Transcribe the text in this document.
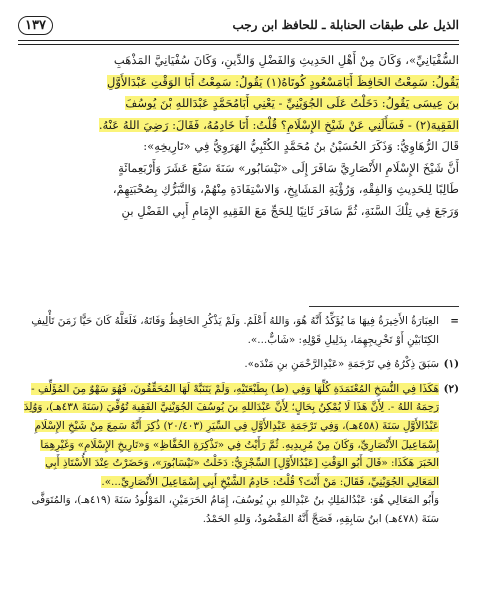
الذيل على طبقات الحنابلة ـ للحافظ ابن رجب
١٣٧
السُّفْيَانِيِّ»، وَكَانَ مِنْ أَهْلِ الحَدِيثِ وَالفَضْلِ وَالدِّينِ، وَكَانَ سُفْيَانِيَّ المَذْهَبِ
يَقُولُ: سَمِعْتُ الحَافِظَ أَبَامَسْعُودٍ كُوتَاهُ(١) يَقُولُ: سَمِعْتُ أَبَا الوَقْتِ عَبْدَالأَوَّلِ
بنَ عِيسَى يَقُولُ: دَخَلْتُ عَلَى الجُوَيْنِيِّ - يَعْنِي أَبَامُحَمَّدٍ عَبْدَاللهِ بْنَ يُوسُفَ
الفَقِيهَ(٢) - فَسَأَلَنِي عَنْ شَيْخِ الإِسْلَامِ؟ قُلْتُ: أَنَا خَادِمُهُ، فَقَالَ: رَضِيَ اللهُ عَنْهُ.
قَالَ الرُّهَاوِيُّ: وَذَكَرَ الحُسَيْنُ بنُ مُحَمَّدٍ الكُتْبِيُّ الهَرَوِيُّ فِي «تَارِيخِهِ»:
أَنَّ شَيْخَ الإِسْلَامِ الأَنْصَارِيَّ سَافَرَ إِلَى «نَيْسَابُور» سَنَةَ سَبْعَ عَشَرَ وَأَرْبَعِمائَةٍ
طَالِبًا لِلحَدِيثِ وَالفِقْهِ، وَرُؤْيَةِ المَشَايِخِ، وَالاسْتِفَادَةِ مِنْهُمْ، وَالتَّبَرُّكِ بِصُحْبَتِهِمْ،
وَرَجَعَ فِي تِلْكَ السَّنَةِ، ثُمَّ سَافَرَ ثَانِيًا لِلحَجِّ مَعَ الفَقِيهِ الإِمَامِ أَبِي الفَضْلِ بنِ
=

العِبَارَةُ الأَخِيرَةُ فِيهَا مَا يُؤَكِّدُ أَنَّهُ هُوَ، وَاللهُ أَعْلَمُ. وَلَمْ يَذْكُرِ الحَافِظُ وَفَاتَهُ، فَلَعَلَّهُ كَانَ حَيًّا زَمَنَ تَأْلِيفِ الكِتَابَيْنِ أَوْ تَخْرِيجِهِمَا، بِدَلِيلِ قَوْلِهِ: «شَابٌّ...».

(١)

سَبَقَ ذِكْرُهُ فِي تَرْجَمَةِ «عَبْدِالرَّحْمَنِ بنِ مَنْدَه».

(٢)

هَكَذَا فِي النُّسَخِ المُعْتَمَدَةِ كُلِّهَا وَفِي (ط) بِطَبْعَتَيْهِ، وَلَمْ يَتَنَبَّهْ لَهَا المُحَقِّقُونَ، فَهُوَ سَهْوٌ مِنَ المُؤَلِّفِ - رَحِمَهُ اللهُ -. لِأَنَّ هَذَا لَا يُمْكِنُ بِحَالٍ؛ لِأَنَّ عَبْدَاللهِ بنَ يُوسُفَ الجُوَيْنِيَّ الفَقِيهَ تُوُفِّيَ (سَنَةَ ٤٣٨هـ)، وَوُلِدَ عَبْدُالأَوَّلِ سَنَةَ (٤٥٨هـ)، وَفِي تَرْجَمَةِ عَبْدِالأَوَّلِ فِي السِّيَرِ (٢٠/٤٠٣) ذُكِرَ أَنَّهُ سَمِعَ مِنْ شَيْخِ الإِسْلَامِ إِسْمَاعِيلَ الأَنْصَارِيِّ، وَكَانَ مِنْ مُرِيدِيهِ. ثُمَّ رَأَيْتُ فِي «تَذْكِرَةِ الحُفَّاظِ» وَ«تَارِيخِ الإِسْلَامِ» وَغَيْرِهِمَا الخَبَرَ هَكَذَا: «قَالَ أَبُو الوَقْتِ [عَبْدُالأَوَّلِ] السِّجْزِيُّ: دَخَلْتُ «نَيْسَابُورَ»، وَحَضَرْتُ عِنْدَ الأُسْتَاذِ أَبِي المَعَالِي الجُوَيْنِيِّ، فَقَالَ: مَنْ أَنْتَ؟ قُلْتُ: خَادِمُ الشَّيْخِ أَبِي إِسْمَاعِيلَ الأَنْصَارِيِّ...».

وَأَبُو المَعَالِي هُوَ: عَبْدُالمَلِكِ بنُ عَبْدِاللهِ بنِ يُوسُفَ، إِمَامُ الحَرَمَيْنِ، المَوْلُودُ سَنَةَ (٤١٩هـ)، وَالمُتَوَفَّى سَنَةَ (٤٧٨هـ) ابنُ سَابِقِهِ، فَصَحَّ أَنَّهُ المَقْصُودُ، وَللهِ الحَمْدُ.
